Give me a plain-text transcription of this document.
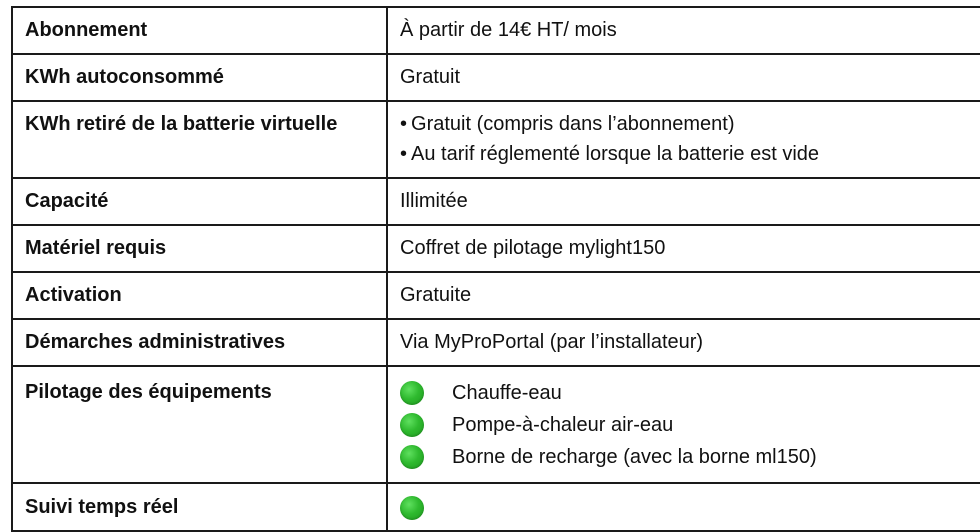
Abonnement	À partir de 14€ HT/ mois
KWh autoconsommé	Gratuit
KWh retiré de la batterie virtuelle	• Gratuit (compris dans l’abonnement)
• Au tarif réglementé lorsque la batterie est vide

Capacité	Illimitée
Matériel requis	Coffret de pilotage mylight150
Activation	Gratuite
Démarches administratives	Via MyProPortal (par l’installateur)
Pilotage des équipements	Chauffe-eau
Pompe-à-chaleur air-eau
Borne de recharge (avec la borne ml150)

Suivi temps réel	
